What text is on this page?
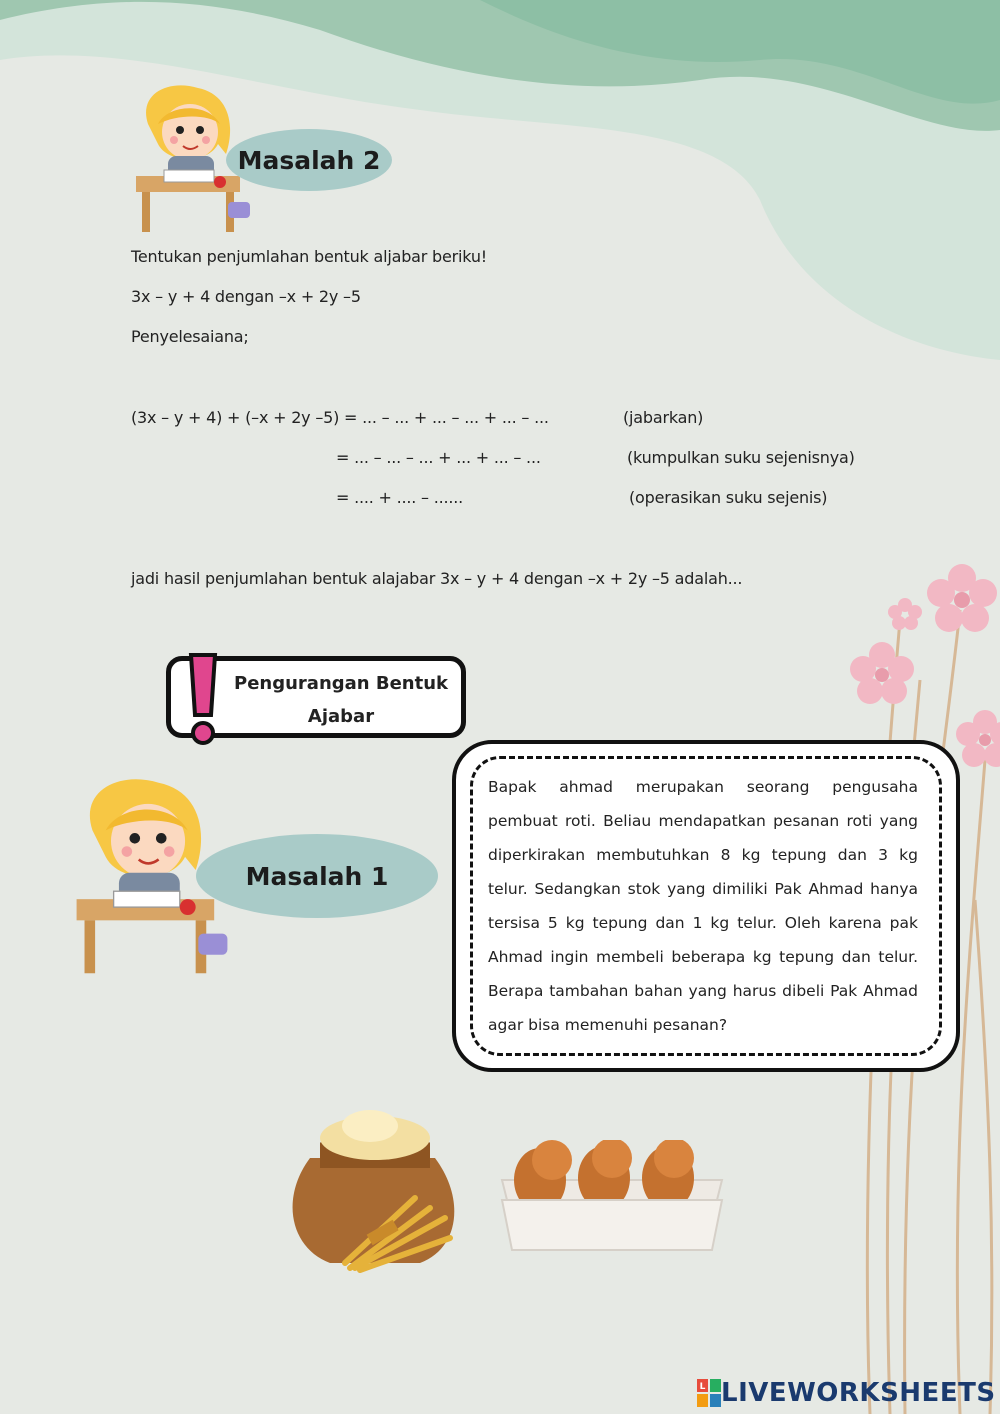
Masalah 2
Tentukan penjumlahan bentuk aljabar beriku!
3x – y + 4 dengan –x + 2y –5
Penyelesaiana;
(3x – y + 4) + (–x + 2y –5) = ... – ... + ... – ... + ... – ...	(jabarkan)
= ... – ... – ... + ... + ... – ...	(kumpulkan suku sejenisnya)
= .... + .... – ......	(operasikan suku sejenis)
jadi hasil penjumlahan bentuk alajabar 3x – y + 4 dengan –x + 2y –5 adalah...
Pengurangan Bentuk
Ajabar
Masalah 1
Bapak ahmad merupakan seorang pengusaha pembuat roti. Beliau mendapatkan pesanan roti yang diperkirakan membutuhkan 8 kg tepung dan 3 kg telur. Sedangkan stok yang dimiliki Pak Ahmad hanya tersisa 5 kg tepung dan 1 kg telur. Oleh karena pak Ahmad ingin membeli beberapa kg tepung dan telur. Berapa tambahan bahan yang harus dibeli Pak Ahmad agar bisa memenuhi pesanan?
L LIVEWORKSHEETS
